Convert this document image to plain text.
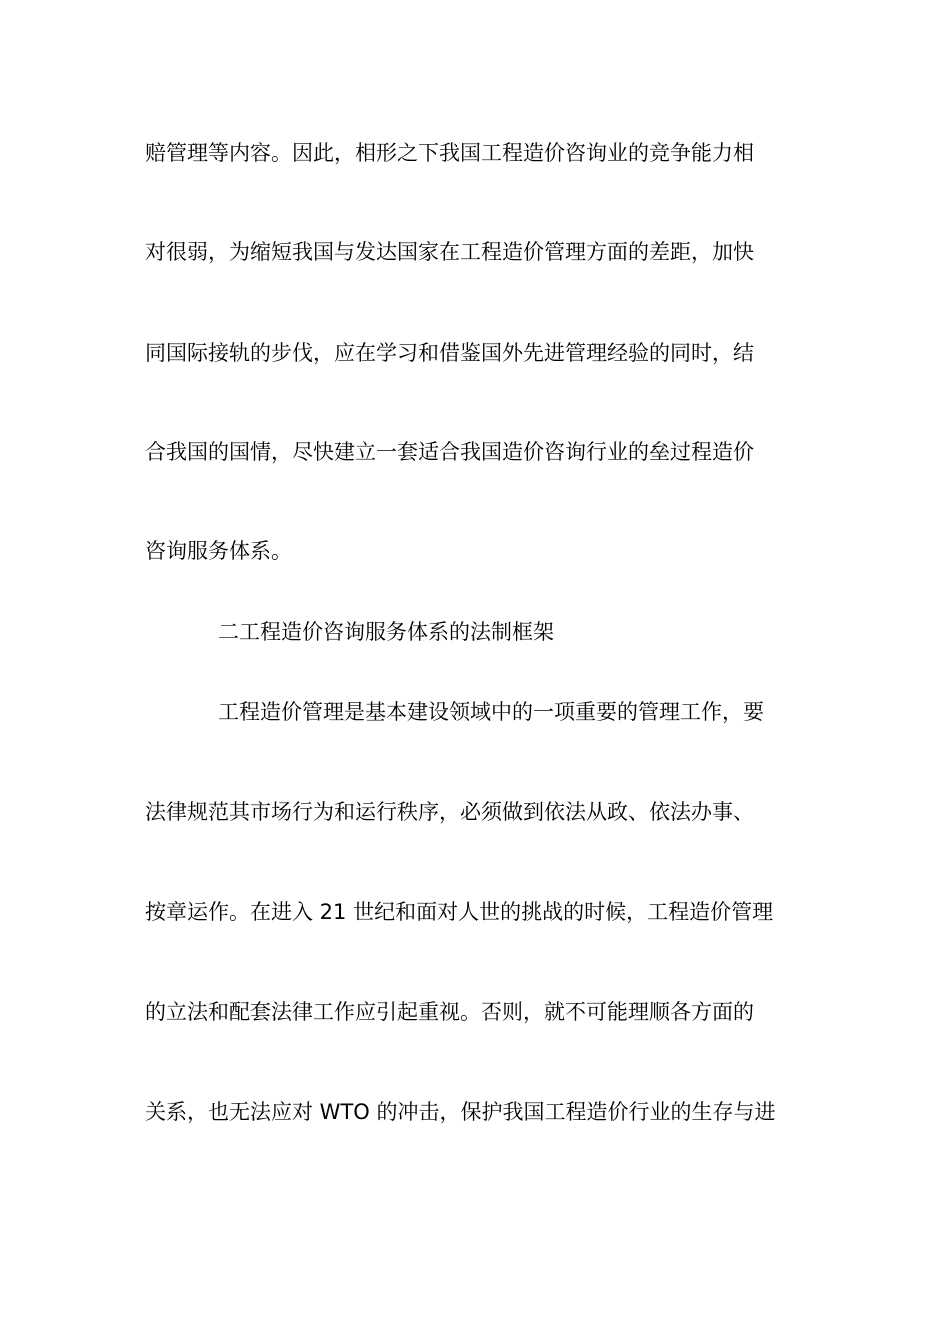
赔管理等内容。因此，相形之下我国工程造价咨询业的竞争能力相
对很弱，为缩短我国与发达国家在工程造价管理方面的差距，加快
同国际接轨的步伐，应在学习和借鉴国外先进管理经验的同时，结
合我国的国情，尽快建立一套适合我国造价咨询行业的垒过程造价
咨询服务体系。
二工程造价咨询服务体系的法制框架
工程造价管理是基本建设领域中的一项重要的管理工作，要
法律规范其市场行为和运行秩序，必须做到依法从政、依法办事、
按章运作。在进入 21 世纪和面对人世的挑战的时候，工程造价管理
的立法和配套法律工作应引起重视。否则，就不可能理顺各方面的
关系，也无法应对 WTO 的冲击，保护我国工程造价行业的生存与进
